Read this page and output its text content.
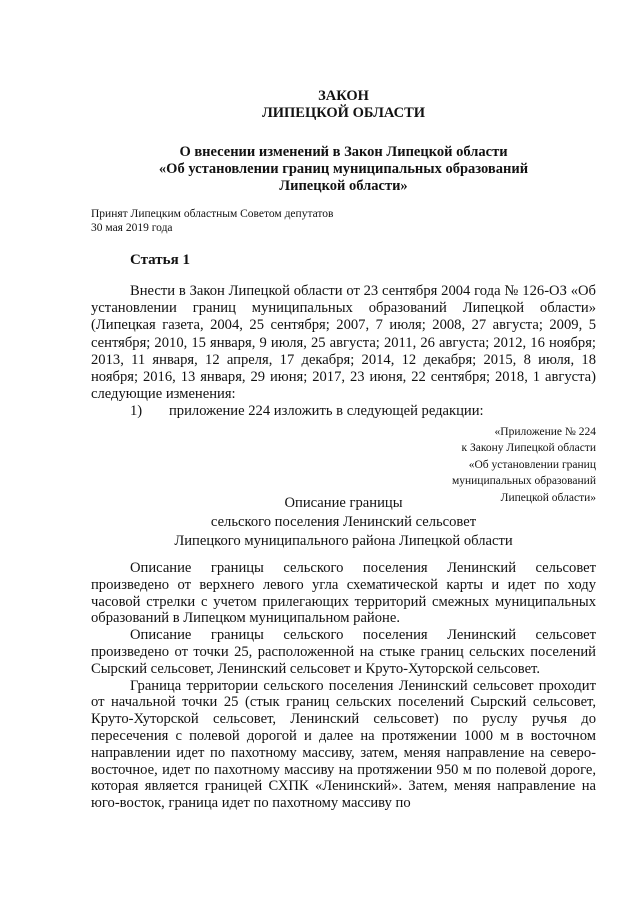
ЗАКОН
ЛИПЕЦКОЙ ОБЛАСТИ
О внесении изменений в Закон Липецкой области
«Об установлении границ муниципальных образований
Липецкой области»
Принят Липецким областным Советом депутатов
30 мая 2019 года
Статья 1

Внести в Закон Липецкой области от 23 сентября 2004 года № 126-ОЗ «Об установлении границ муниципальных образований Липецкой области» (Липецкая газета, 2004, 25 сентября; 2007, 7 июля; 2008, 27 августа; 2009, 5 сентября; 2010, 15 января, 9 июля, 25 августа; 2011, 26 августа; 2012, 16 ноября; 2013, 11 января, 12 апреля, 17 декабря; 2014, 12 декабря; 2015, 8 июля, 18 ноября; 2016, 13 января, 29 июня; 2017, 23 июня, 22 сентября; 2018, 1 августа) следующие изменения:

1)	приложение 224 изложить в следующей редакции:
«Приложение № 224
к Закону Липецкой области
«Об установлении границ
муниципальных образований
Липецкой области»
Описание границы
сельского поселения Ленинский сельсовет
Липецкого муниципального района Липецкой области

Описание границы сельского поселения Ленинский сельсовет произведено от верхнего левого угла схематической карты и идет по ходу часовой стрелки с учетом прилегающих территорий смежных муниципальных образований в Липецком муниципальном районе.

Описание границы сельского поселения Ленинский сельсовет произведено от точки 25, расположенной на стыке границ сельских поселений Сырский сельсовет, Ленинский сельсовет и Круто-Хуторской сельсовет.

Граница территории сельского поселения Ленинский сельсовет проходит от начальной точки 25 (стык границ сельских поселений Сырский сельсовет, Круто-Хуторской сельсовет, Ленинский сельсовет) по руслу ручья до пересечения с полевой дорогой и далее на протяжении 1000 м в восточном направлении идет по пахотному массиву, затем, меняя направление на северо-восточное, идет по пахотному массиву на протяжении 950 м по полевой дороге, которая является границей СХПК «Ленинский». Затем, меняя направление на юго-восток, граница идет по пахотному массиву по
